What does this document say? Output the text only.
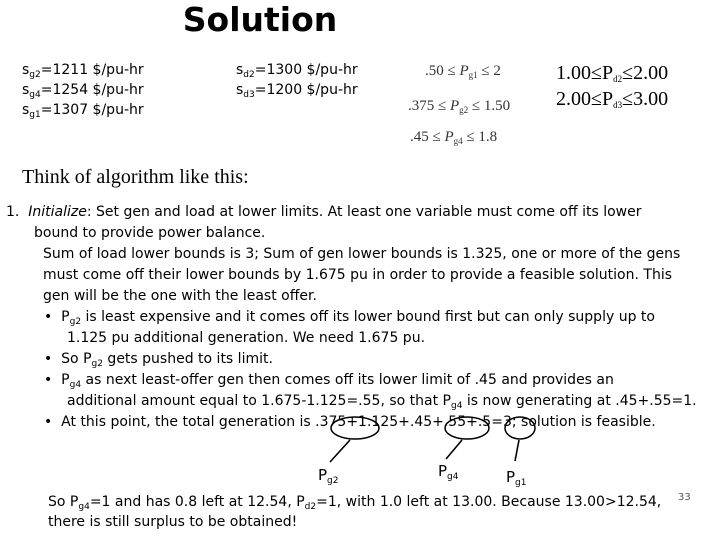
Solution
$s_{g2}=1211$ $/pu-hr
$s_{g4}=1254$ $/pu-hr
$s_{g1}=1307$ $/pu-hr
$s_{d2}=1300$ $/pu-hr
$s_{d3}=1200$ $/pu-hr
$.50 \le P_{g1} \le 2$
$.375 \le P_{g2} \le 1.50$
$.45 \le P_{g4} \le 1.8$
$1.00\le P_{d2}\le 2.00$
$2.00\le P_{d3}\le 3.00$
Think of algorithm like this:
1. Initialize: Set gen and load at lower limits. At least one variable must come off its lower
bound to provide power balance.
Sum of load lower bounds is 3; Sum of gen lower bounds is 1.325, one or more of the gens
must come off their lower bounds by 1.675 pu in order to provide a feasible solution. This
gen will be the one with the least offer.
•  $P_{g2}$ is least expensive and it comes off its lower bound first but can only supply up to
1.125 pu additional generation. We need 1.675 pu.
•  So $P_{g2}$ gets pushed to its limit.
•  $P_{g4}$ as next least-offer gen then comes off its lower limit of .45 and provides an
additional amount equal to 1.675-1.125=.55, so that $P_{g4}$ is now generating at .45+.55=1.
•  At this point, the total generation is .375+1.125+.45+.55+.5=3; solution is feasible.
$P_{g2}$
$P_{g4}$	$P_{g1}$
So $P_{g4}=1$ and has 0.8 left at 12.54, $P_{d2}=1$, with 1.0 left at 13.00. Because 13.00>12.54,
there is still surplus to be obtained!
33
